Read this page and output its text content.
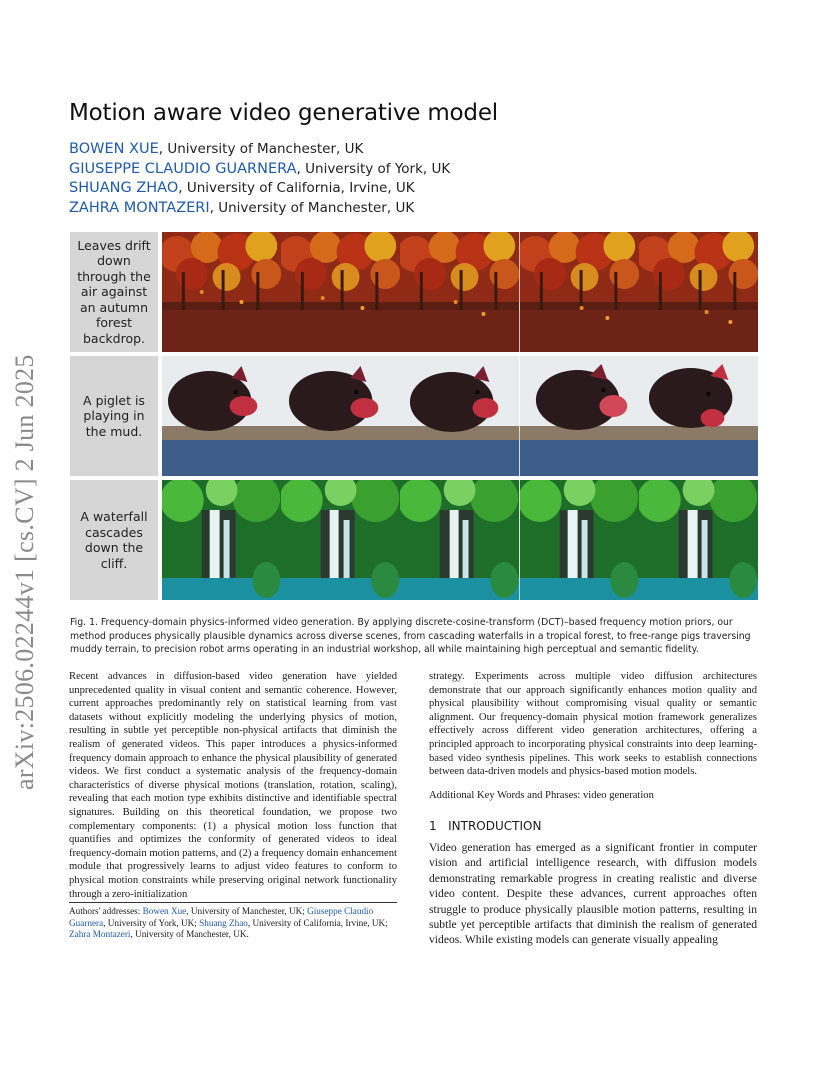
arXiv:2506.02244v1 [cs.CV] 2 Jun 2025
Motion aware video generative model
BOWEN XUE, University of Manchester, UK
GIUSEPPE CLAUDIO GUARNERA, University of York, UK
SHUANG ZHAO, University of California, Irvine, UK
ZAHRA MONTAZERI, University of Manchester, UK
Leaves drift down through the air against an autumn forest backdrop.
A piglet is playing in the mud.
A waterfall cascades down the cliff.
Fig. 1. Frequency-domain physics-informed video generation. By applying discrete-cosine-transform (DCT)–based frequency motion priors, our method produces physically plausible dynamics across diverse scenes, from cascading waterfalls in a tropical forest, to free-range pigs traversing muddy terrain, to precision robot arms operating in an industrial workshop, all while maintaining high perceptual and semantic fidelity.
Recent advances in diffusion-based video generation have yielded unprecedented quality in visual content and semantic coherence. However, current approaches predominantly rely on statistical learning from vast datasets without explicitly modeling the underlying physics of motion, resulting in subtle yet perceptible non-physical artifacts that diminish the realism of generated videos. This paper introduces a physics-informed frequency domain approach to enhance the physical plausibility of generated videos. We first conduct a systematic analysis of the frequency-domain characteristics of diverse physical motions (translation, rotation, scaling), revealing that each motion type exhibits distinctive and identifiable spectral signatures. Building on this theoretical foundation, we propose two complementary components: (1) a physical motion loss function that quantifies and optimizes the conformity of generated videos to ideal frequency-domain motion patterns, and (2) a frequency domain enhancement module that progressively learns to adjust video features to conform to physical motion constraints while preserving original network functionality through a zero-initialization
strategy. Experiments across multiple video diffusion architectures demonstrate that our approach significantly enhances motion quality and physical plausibility without compromising visual quality or semantic alignment. Our frequency-domain physical motion framework generalizes effectively across different video generation architectures, offering a principled approach to incorporating physical constraints into deep learning-based video synthesis pipelines. This work seeks to establish connections between data-driven models and physics-based motion models.
Additional Key Words and Phrases: video generation
1 INTRODUCTION
Video generation has emerged as a significant frontier in computer vision and artificial intelligence research, with diffusion models demonstrating remarkable progress in creating realistic and diverse video content. Despite these advances, current approaches often struggle to produce physically plausible motion patterns, resulting in subtle yet perceptible artifacts that diminish the realism of generated videos. While existing models can generate visually appealing
Authors' addresses: Bowen Xue, University of Manchester, UK; Giuseppe Claudio Guarnera, University of York, UK; Shuang Zhao, University of California, Irvine, UK; Zahra Montazeri, University of Manchester, UK.
